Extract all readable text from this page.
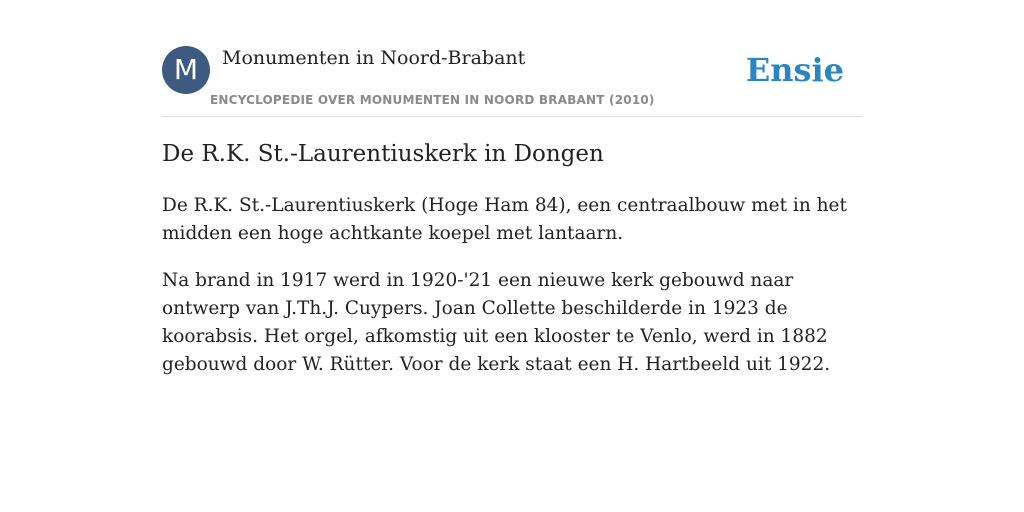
M	Monumenten in Noord-Brabant
ENCYCLOPEDIE OVER MONUMENTEN IN NOORD BRABANT (2010)
Ensie
De R.K. St.-Laurentiuskerk in Dongen

De R.K. St.-Laurentiuskerk (Hoge Ham 84), een centraalbouw met in het midden een hoge achtkante koepel met lantaarn.

Na brand in 1917 werd in 1920-'21 een nieuwe kerk gebouwd naar ontwerp van J.Th.J. Cuypers. Joan Collette beschilderde in 1923 de koorabsis. Het orgel, afkomstig uit een klooster te Venlo, werd in 1882 gebouwd door W. Rütter. Voor de kerk staat een H. Hartbeeld uit 1922.
